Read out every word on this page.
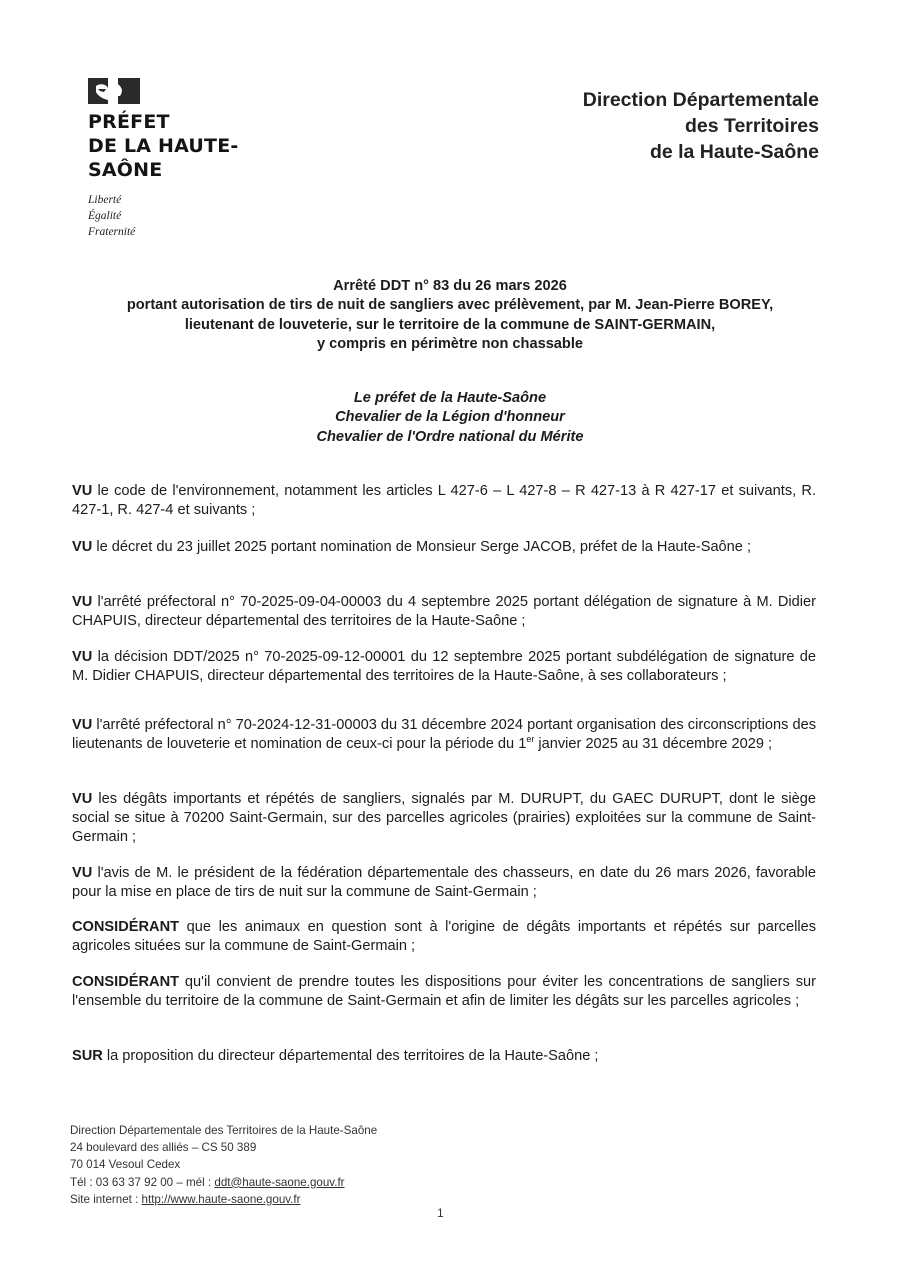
PRÉFET
DE LA HAUTE-
SAÔNE
Liberté
Égalité
Fraternité
Direction Départementale
des Territoires
de la Haute-Saône
Arrêté DDT n° 83 du 26 mars 2026
portant autorisation de tirs de nuit de sangliers avec prélèvement, par M. Jean-Pierre BOREY,
lieutenant de louveterie, sur le territoire de la commune de SAINT-GERMAIN,
y compris en périmètre non chassable
Le préfet de la Haute-Saône
Chevalier de la Légion d'honneur
Chevalier de l'Ordre national du Mérite
VU le code de l'environnement, notamment les articles L 427-6 – L 427-8 – R 427-13 à R 427-17 et suivants, R. 427-1, R. 427-4 et suivants ;
VU le décret du 23 juillet 2025 portant nomination de Monsieur Serge JACOB, préfet de la Haute-Saône ;
VU l'arrêté préfectoral n° 70-2025-09-04-00003 du 4 septembre 2025 portant délégation de signature à M. Didier CHAPUIS, directeur départemental des territoires de la Haute-Saône ;
VU la décision DDT/2025 n° 70-2025-09-12-00001 du 12 septembre 2025 portant subdélégation de signature de M. Didier CHAPUIS, directeur départemental des territoires de la Haute-Saône, à ses collaborateurs ;
VU l'arrêté préfectoral n° 70-2024-12-31-00003 du 31 décembre 2024 portant organisation des circonscriptions des lieutenants de louveterie et nomination de ceux-ci pour la période du 1er janvier 2025 au 31 décembre 2029 ;
VU les dégâts importants et répétés de sangliers, signalés par M. DURUPT, du GAEC DURUPT, dont le siège social se situe à 70200 Saint-Germain, sur des parcelles agricoles (prairies) exploitées sur la commune de Saint-Germain ;
VU l'avis de M. le président de la fédération départementale des chasseurs, en date du 26 mars 2026, favorable pour la mise en place de tirs de nuit sur la commune de Saint-Germain ;
CONSIDÉRANT que les animaux en question sont à l'origine de dégâts importants et répétés sur parcelles agricoles situées sur la commune de Saint-Germain ;
CONSIDÉRANT qu'il convient de prendre toutes les dispositions pour éviter les concentrations de sangliers sur l'ensemble du territoire de la commune de Saint-Germain et afin de limiter les dégâts sur les parcelles agricoles ;
SUR la proposition du directeur départemental des territoires de la Haute-Saône ;
Direction Départementale des Territoires de la Haute-Saône
24 boulevard des alliés – CS 50 389
70 014 Vesoul Cedex
Tél : 03 63 37 92 00 – mél : ddt@haute-saone.gouv.fr
Site internet : http://www.haute-saone.gouv.fr
1
